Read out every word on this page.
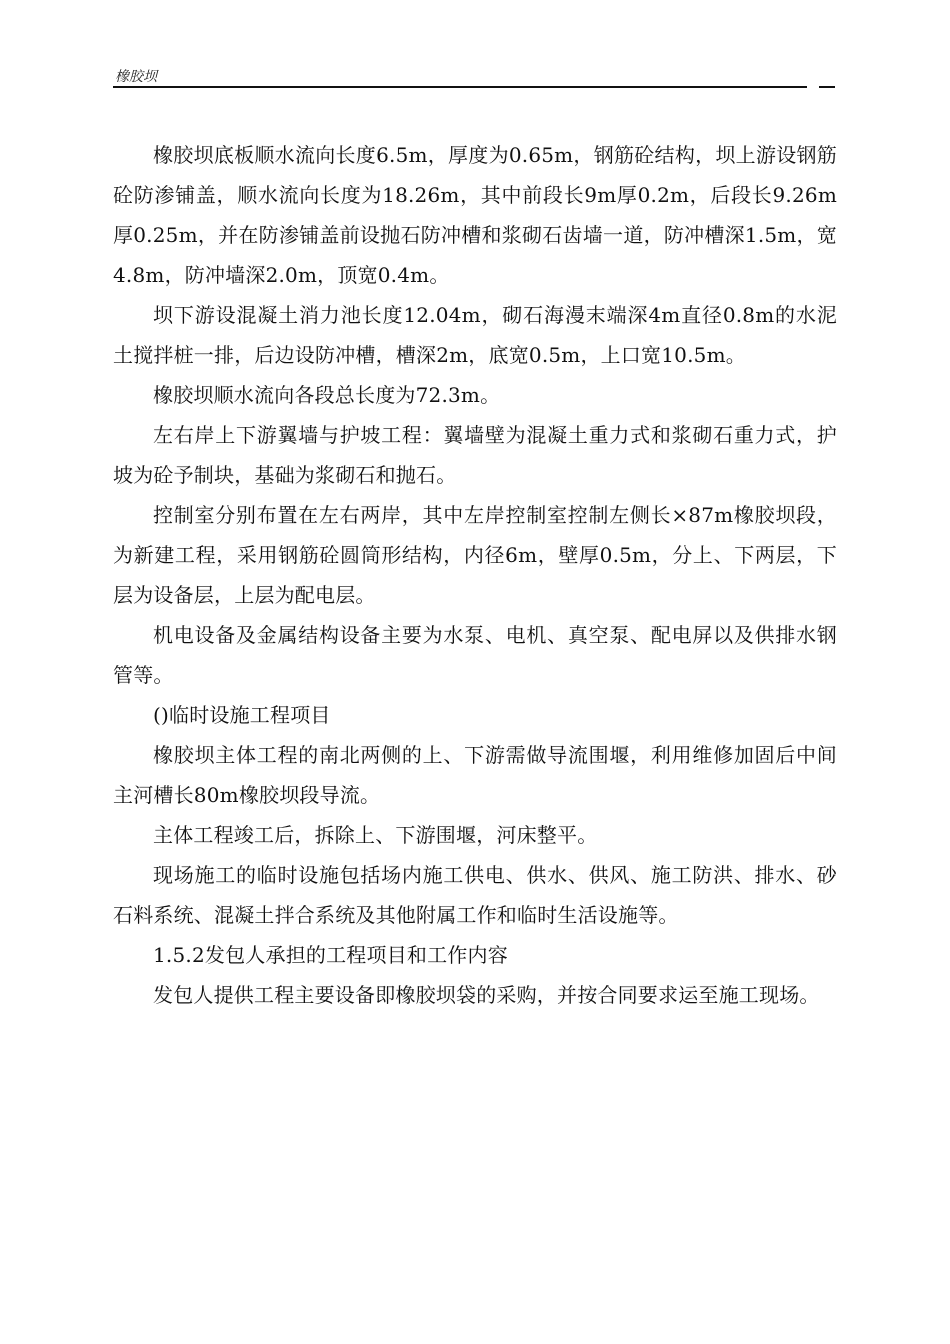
橡胶坝

橡胶坝底板顺水流向长度6.5m，厚度为0.65m，钢筋砼结构，坝上游设钢筋砼防渗铺盖，顺水流向长度为18.26m，其中前段长9m厚0.2m，后段长9.26m厚0.25m，并在防渗铺盖前设抛石防冲槽和浆砌石齿墙一道，防冲槽深1.5m，宽4.8m，防冲墙深2.0m，顶宽0.4m。

坝下游设混凝土消力池长度12.04m，砌石海漫末端深4m直径0.8m的水泥土搅拌桩一排，后边设防冲槽，槽深2m，底宽0.5m，上口宽10.5m。

橡胶坝顺水流向各段总长度为72.3m。

左右岸上下游翼墙与护坡工程：翼墙壁为混凝土重力式和浆砌石重力式，护坡为砼予制块，基础为浆砌石和抛石。

控制室分别布置在左右两岸，其中左岸控制室控制左侧长×87m橡胶坝段，为新建工程，采用钢筋砼圆筒形结构，内径6m，壁厚0.5m，分上、下两层，下层为设备层，上层为配电层。

机电设备及金属结构设备主要为水泵、电机、真空泵、配电屏以及供排水钢管等。

()临时设施工程项目

橡胶坝主体工程的南北两侧的上、下游需做导流围堰，利用维修加固后中间主河槽长80m橡胶坝段导流。

主体工程竣工后，拆除上、下游围堰，河床整平。

现场施工的临时设施包括场内施工供电、供水、供风、施工防洪、排水、砂石料系统、混凝土拌合系统及其他附属工作和临时生活设施等。

1.5.2发包人承担的工程项目和工作内容

发包人提供工程主要设备即橡胶坝袋的采购，并按合同要求运至施工现场。
